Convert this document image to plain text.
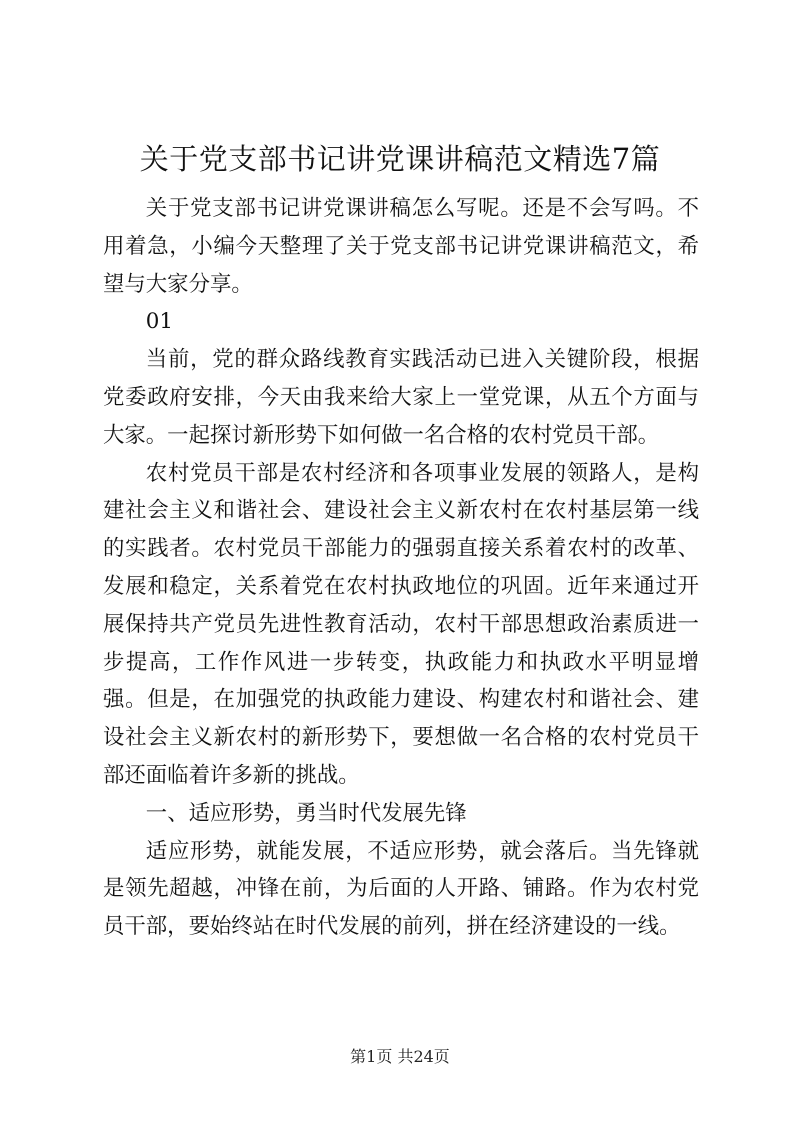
关于党支部书记讲党课讲稿范文精选7篇

关于党支部书记讲党课讲稿怎么写呢。还是不会写吗。不用着急，小编今天整理了关于党支部书记讲党课讲稿范文，希望与大家分享。

01

当前，党的群众路线教育实践活动已进入关键阶段，根据党委政府安排，今天由我来给大家上一堂党课，从五个方面与大家。一起探讨新形势下如何做一名合格的农村党员干部。

农村党员干部是农村经济和各项事业发展的领路人，是构建社会主义和谐社会、建设社会主义新农村在农村基层第一线的实践者。农村党员干部能力的强弱直接关系着农村的改革、发展和稳定，关系着党在农村执政地位的巩固。近年来通过开展保持共产党员先进性教育活动，农村干部思想政治素质进一步提高，工作作风进一步转变，执政能力和执政水平明显增强。但是，在加强党的执政能力建设、构建农村和谐社会、建设社会主义新农村的新形势下，要想做一名合格的农村党员干部还面临着许多新的挑战。

一、适应形势，勇当时代发展先锋

适应形势，就能发展，不适应形势，就会落后。当先锋就是领先超越，冲锋在前，为后面的人开路、铺路。作为农村党员干部，要始终站在时代发展的前列，拼在经济建设的一线。

第1页 共24页
